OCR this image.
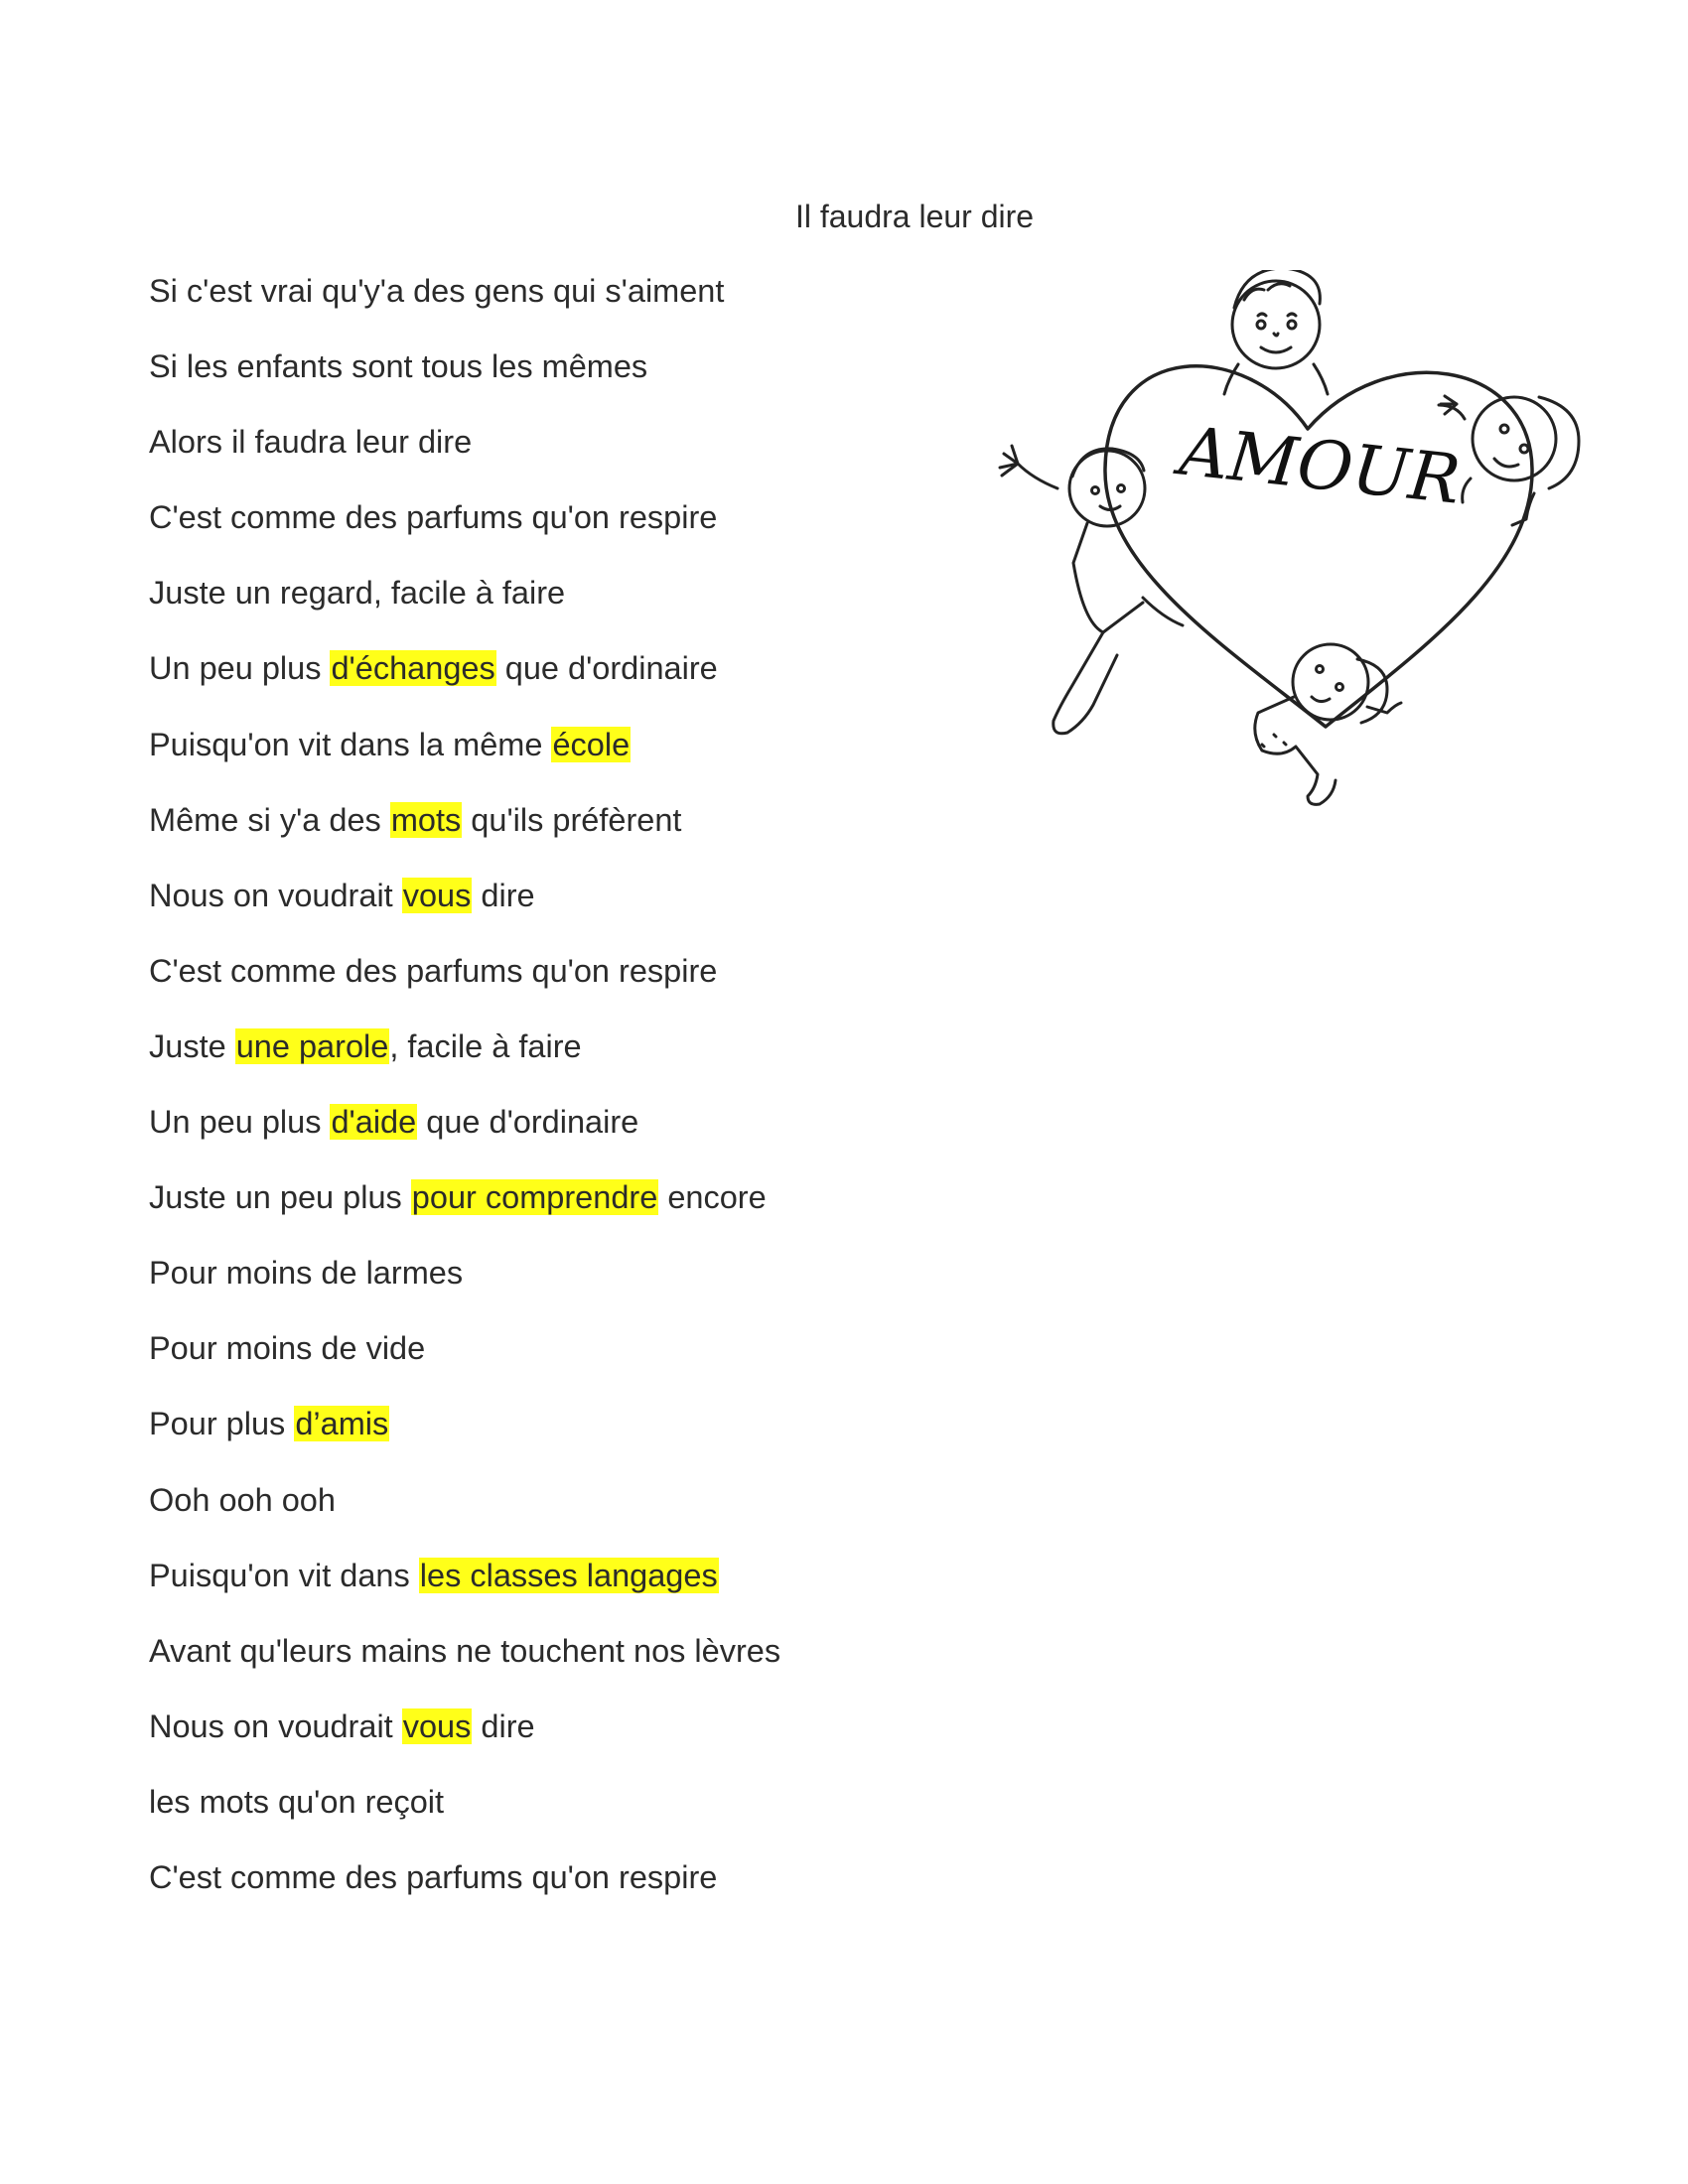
Il faudra leur dire
Si c'est vrai qu'y'a des gens qui s'aiment
Si les enfants sont tous les mêmes
Alors il faudra leur dire
C'est comme des parfums qu'on respire
Juste un regard, facile à faire
Un peu plus d'échanges que d'ordinaire
Puisqu'on vit dans la même école
Même si y'a des mots qu'ils préfèrent
Nous on voudrait vous dire
C'est comme des parfums qu'on respire
Juste une parole, facile à faire
Un peu plus d'aide que d'ordinaire
Juste un peu plus pour comprendre encore
Pour moins de larmes
Pour moins de vide
Pour plus d’amis
Ooh ooh ooh
Puisqu'on vit dans les classes langages
Avant qu'leurs mains ne touchent nos lèvres
Nous on voudrait vous dire
les mots qu'on reçoit
C'est comme des parfums qu'on respire
AMOUR
